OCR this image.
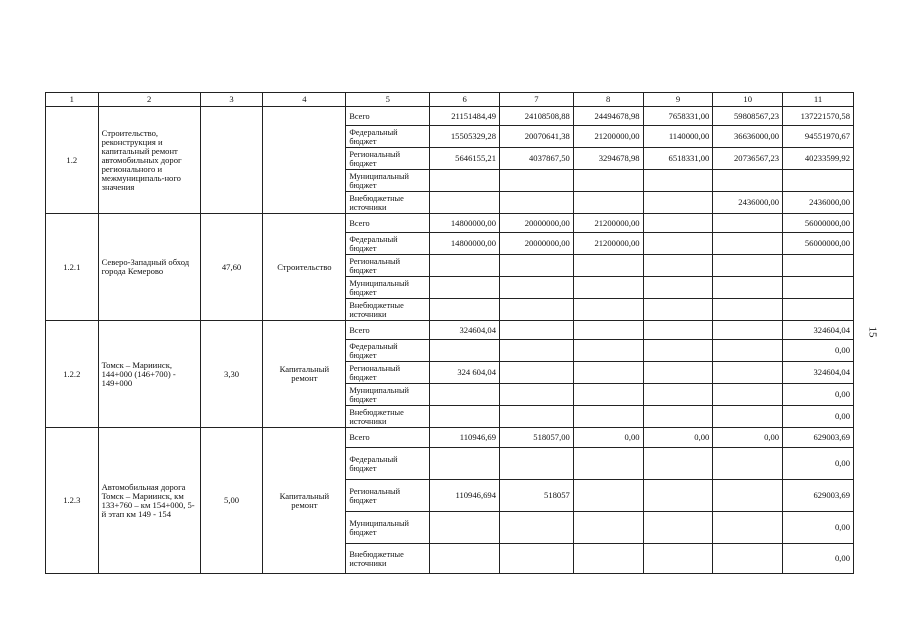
1	2	3	4	5	6	7	8	9	10	11
1.2	Строительство, реконструкция и капитальный ремонт автомобильных дорог регионального и межмуниципаль-ного значения			Всего	21151484,49	24108508,88	24494678,98	7658331,00	59808567,23	137221570,58
				Федеральный бюджет	15505329,28	20070641,38	21200000,00	1140000,00	36636000,00	94551970,67
				Региональный бюджет	5646155,21	4037867,50	3294678,98	6518331,00	20736567,23	40233599,92
				Муниципальный бюджет						
				Внебюджетные источники					2436000,00	2436000,00
1.2.1	Северо-Западный обход города Кемерово	47,60	Строительство	Всего	14800000,00	20000000,00	21200000,00			56000000,00
				Федеральный бюджет	14800000,00	20000000,00	21200000,00			56000000,00
				Региональный бюджет						
				Муниципальный бюджет						
				Внебюджетные источники						
1.2.2	Томск – Мариинск, 144+000 (146+700) - 149+000	3,30	Капитальный ремонт	Всего	324604,04					324604,04
				Федеральный бюджет						0,00
				Региональный бюджет	324 604,04					324604,04
				Муниципальный бюджет						0,00
				Внебюджетные источники						0,00
1.2.3	Автомобильная дорога Томск – Мариинск, км 133+760 – км 154+000, 5-й этап км 149 - 154	5,00	Капитальный ремонт	Всего	110946,69	518057,00	0,00	0,00	0,00	629003,69
				Федеральный бюджет						0,00
				Региональный бюджет	110946,694	518057				629003,69
				Муниципальный бюджет						0,00
				Внебюджетные источники						0,00
15
